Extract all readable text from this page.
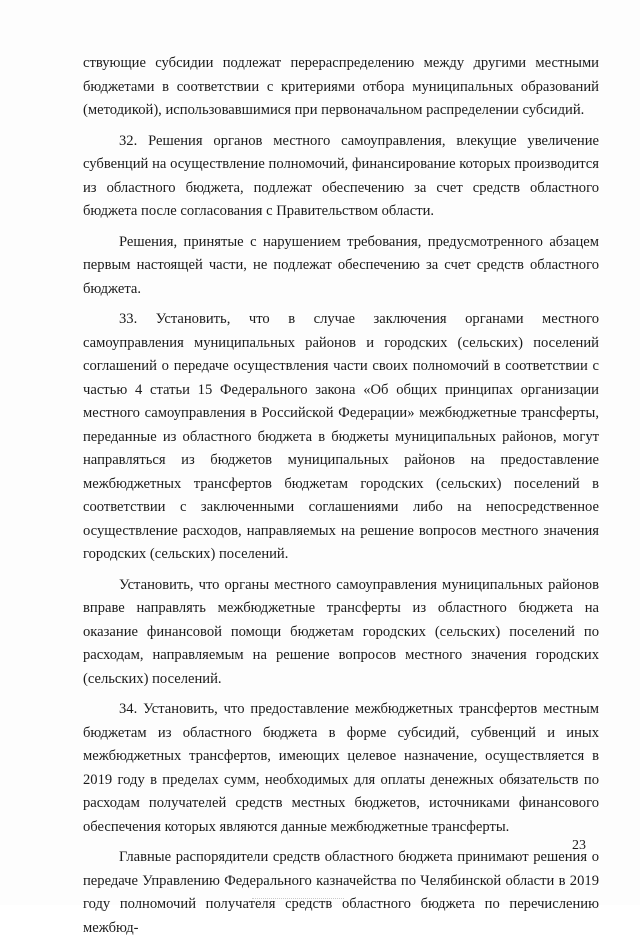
ствующие субсидии подлежат перераспределению между другими местными бюджетами в соответствии с критериями отбора муниципальных образований (методикой), использовавшимися при первоначальном распределении субсидий.

32. Решения органов местного самоуправления, влекущие увеличение субвенций на осуществление полномочий, финансирование которых производится из областного бюджета, подлежат обеспечению за счет средств областного бюджета после согласования с Правительством области.

Решения, принятые с нарушением требования, предусмотренного абзацем первым настоящей части, не подлежат обеспечению за счет средств областного бюджета.

33. Установить, что в случае заключения органами местного самоуправления муниципальных районов и городских (сельских) поселений соглашений о передаче осуществления части своих полномочий в соответствии с частью 4 статьи 15 Федерального закона «Об общих принципах организации местного самоуправления в Российской Федерации» межбюджетные трансферты, переданные из областного бюджета в бюджеты муниципальных районов, могут направляться из бюджетов муниципальных районов на предоставление межбюджетных трансфертов бюджетам городских (сельских) поселений в соответствии с заключенными соглашениями либо на непосредственное осуществление расходов, направляемых на решение вопросов местного значения городских (сельских) поселений.

Установить, что органы местного самоуправления муниципальных районов вправе направлять межбюджетные трансферты из областного бюджета на оказание финансовой помощи бюджетам городских (сельских) поселений по расходам, направляемым на решение вопросов местного значения городских (сельских) поселений.

34. Установить, что предоставление межбюджетных трансфертов местным бюджетам из областного бюджета в форме субсидий, субвенций и иных межбюджетных трансфертов, имеющих целевое назначение, осуществляется в 2019 году в пределах сумм, необходимых для оплаты денежных обязательств по расходам получателей средств местных бюджетов, источниками финансового обеспечения которых являются данные межбюджетные трансферты.

Главные распорядители средств областного бюджета принимают решения о передаче Управлению Федерального казначейства по Челябинской области в 2019 году полномочий получателя средств областного бюджета по перечислению межбюд-

23
